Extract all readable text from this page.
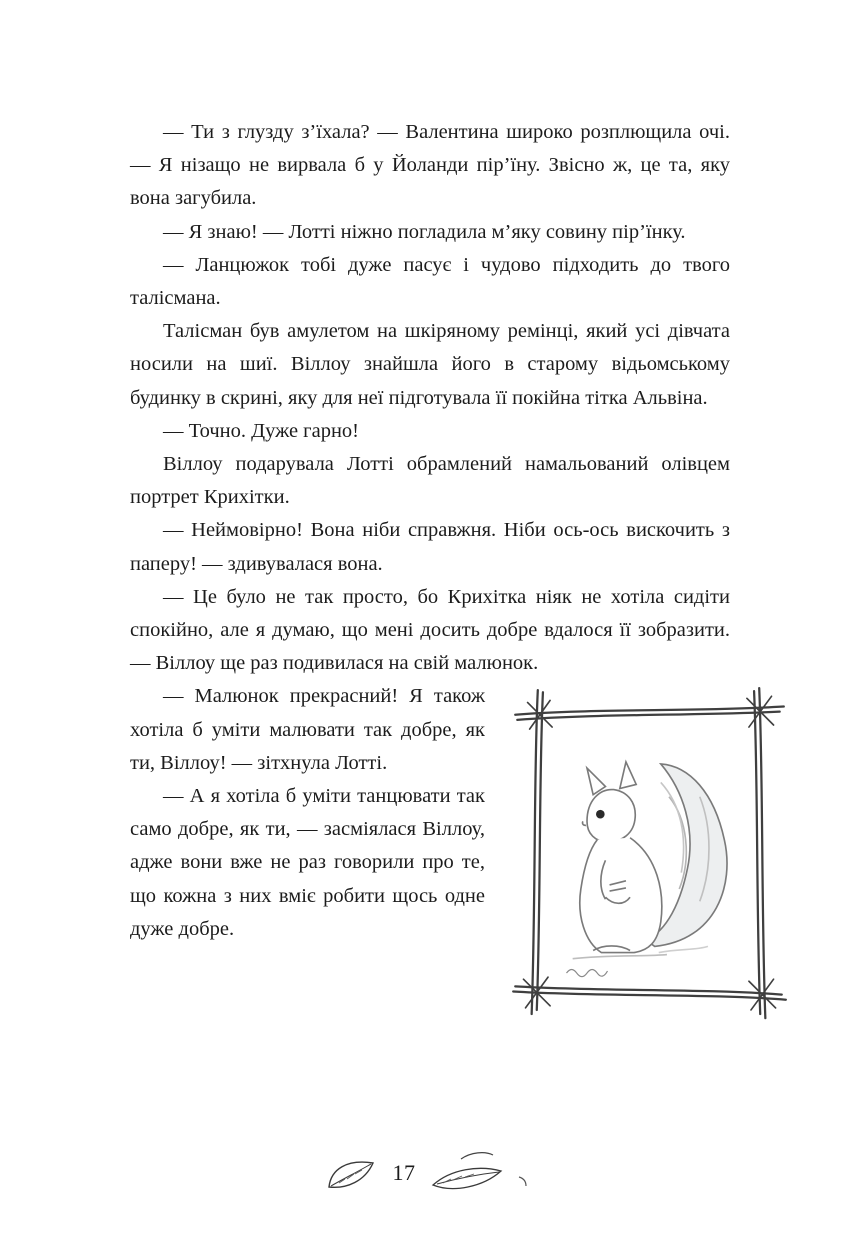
— Ти з глузду з’їхала? — Валентина широко розплющила очі. — Я нізащо не вирвала б у Йоланди пір’їну. Звісно ж, це та, яку вона загубила.

— Я знаю! — Лотті ніжно погладила м’яку совину пір’їнку.

— Ланцюжок тобі дуже пасує і чудово підходить до твого талісмана.

Талісман був амулетом на шкіряному ремінці, який усі дівчата носили на шиї. Віллоу знайшла його в старому відьомському будинку в скрині, яку для неї підготувала її покійна тітка Альвіна.

— Точно. Дуже гарно!

Віллоу подарувала Лотті обрамлений намальований олівцем портрет Крихітки.

— Неймовірно! Вона ніби справжня. Ніби ось-ось вискочить з паперу! — здивувалася вона.

— Це було не так просто, бо Крихітка ніяк не хотіла сидіти спокійно, але я думаю, що мені досить добре вдалося її зобразити. — Віллоу ще раз подивилася на свій малюнок.

— Малюнок прекрасний! Я також хотіла б уміти малювати так добре, як ти, Віллоу! — зітхнула Лотті.

— А я хотіла б уміти танцювати так само добре, як ти, — засміялася Віллоу, адже вони вже не раз говорили про те, що кожна з них вміє робити щось одне дуже добре.

17
